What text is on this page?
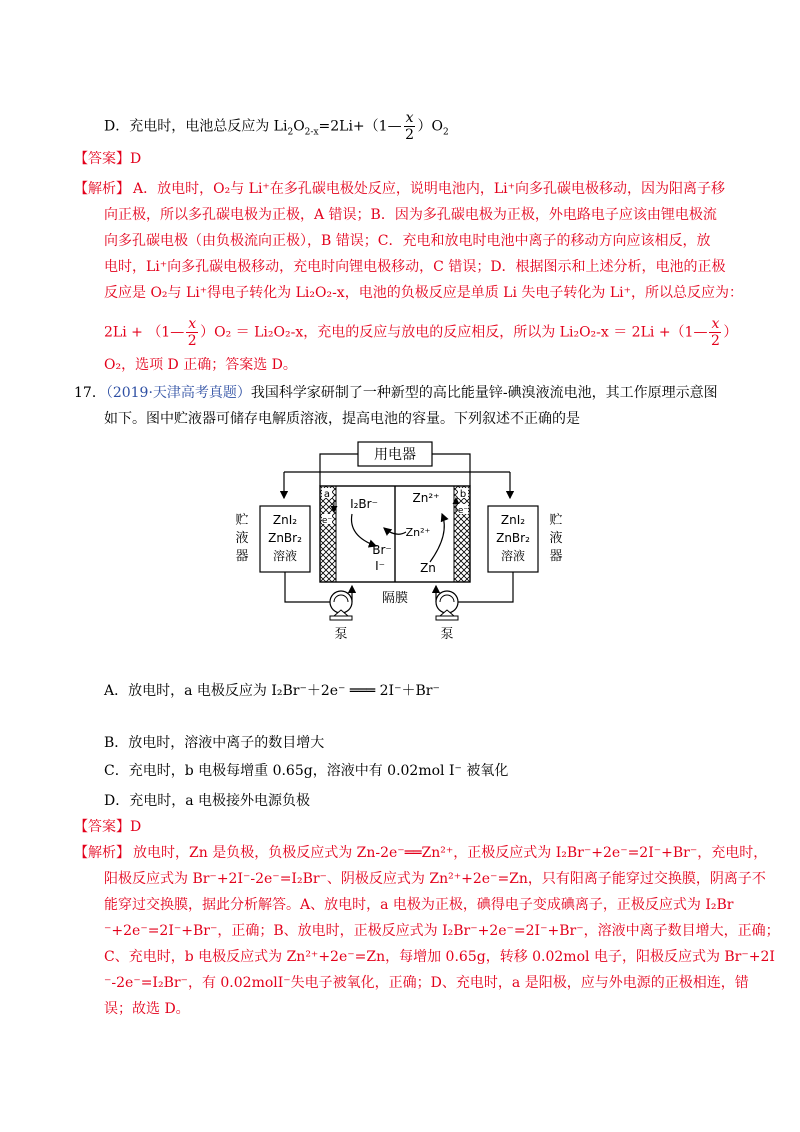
D．充电时，电池总反应为 $Li_2O_{2-x}=2Li+(1— \frac{x}{2} )O_2$
【答案】D
【解析】 A．放电时，O₂与 Li⁺在多孔碳电极处反应，说明电池内，Li⁺向多孔碳电极移动，因为阳离子移
向正极，所以多孔碳电极为正极，A 错误；B．因为多孔碳电极为正极，外电路电子应该由锂电极流
向多孔碳电极（由负极流向正极），B 错误；C．充电和放电时电池中离子的移动方向应该相反，放
电时，Li⁺向多孔碳电极移动，充电时向锂电极移动，C 错误；D．根据图示和上述分析，电池的正极
反应是 O₂与 Li⁺得电子转化为 Li₂O₂-x，电池的负极反应是单质 Li 失电子转化为 Li⁺，所以总反应为：
2Li + （1— $\frac{x}{2} )O_2 = Li_2O_2-x$，充电的反应与放电的反应相反，所以为 Li₂O₂-x ＝ 2Li +（1— $\frac{x}{2}$ ）
O₂，选项 D 正确；答案选 D。
17．（2019·天津高考真题）我国科学家研制了一种新型的高比能量锌-碘溴液流电池，其工作原理示意图
如下。图中贮液器可储存电解质溶液，提高电池的容量。下列叙述不正确的是
用电器
a	b
e⁻
e⁻
I₂Br⁻
Br⁻
I⁻
Zn²⁺
Zn²⁺
Zn
ZnI₂
ZnBr₂
溶液
贮
液
器
ZnI₂
ZnBr₂
溶液
贮
液
器
泵	泵
隔膜
A．放电时，a 电极反应为 I₂Br⁻＋2e⁻ ═══ 2I⁻＋Br⁻
B．放电时，溶液中离子的数目增大
C．充电时，b 电极每增重 0.65g，溶液中有 0.02mol I⁻ 被氧化
D．充电时，a 电极接外电源负极
【答案】D
【解析】 放电时，Zn 是负极，负极反应式为 Zn-2e⁻══Zn²⁺，正极反应式为 I₂Br⁻+2e⁻=2I⁻+Br⁻，充电时，
阳极反应式为 Br⁻+2I⁻-2e⁻=I₂Br⁻、阴极反应式为 Zn²⁺+2e⁻=Zn，只有阳离子能穿过交换膜，阴离子不
能穿过交换膜，据此分析解答。A、放电时，a 电极为正极，碘得电子变成碘离子，正极反应式为 I₂Br
⁻+2e⁻=2I⁻+Br⁻，正确；B、放电时，正极反应式为 I₂Br⁻+2e⁻=2I⁻+Br⁻，溶液中离子数目增大，正确；
C、充电时，b 电极反应式为 Zn²⁺+2e⁻=Zn，每增加 0.65g，转移 0.02mol 电子，阳极反应式为 Br⁻+2I
⁻-2e⁻=I₂Br⁻，有 0.02molI⁻失电子被氧化，正确；D、充电时，a 是阳极，应与外电源的正极相连，错
误；故选 D。
